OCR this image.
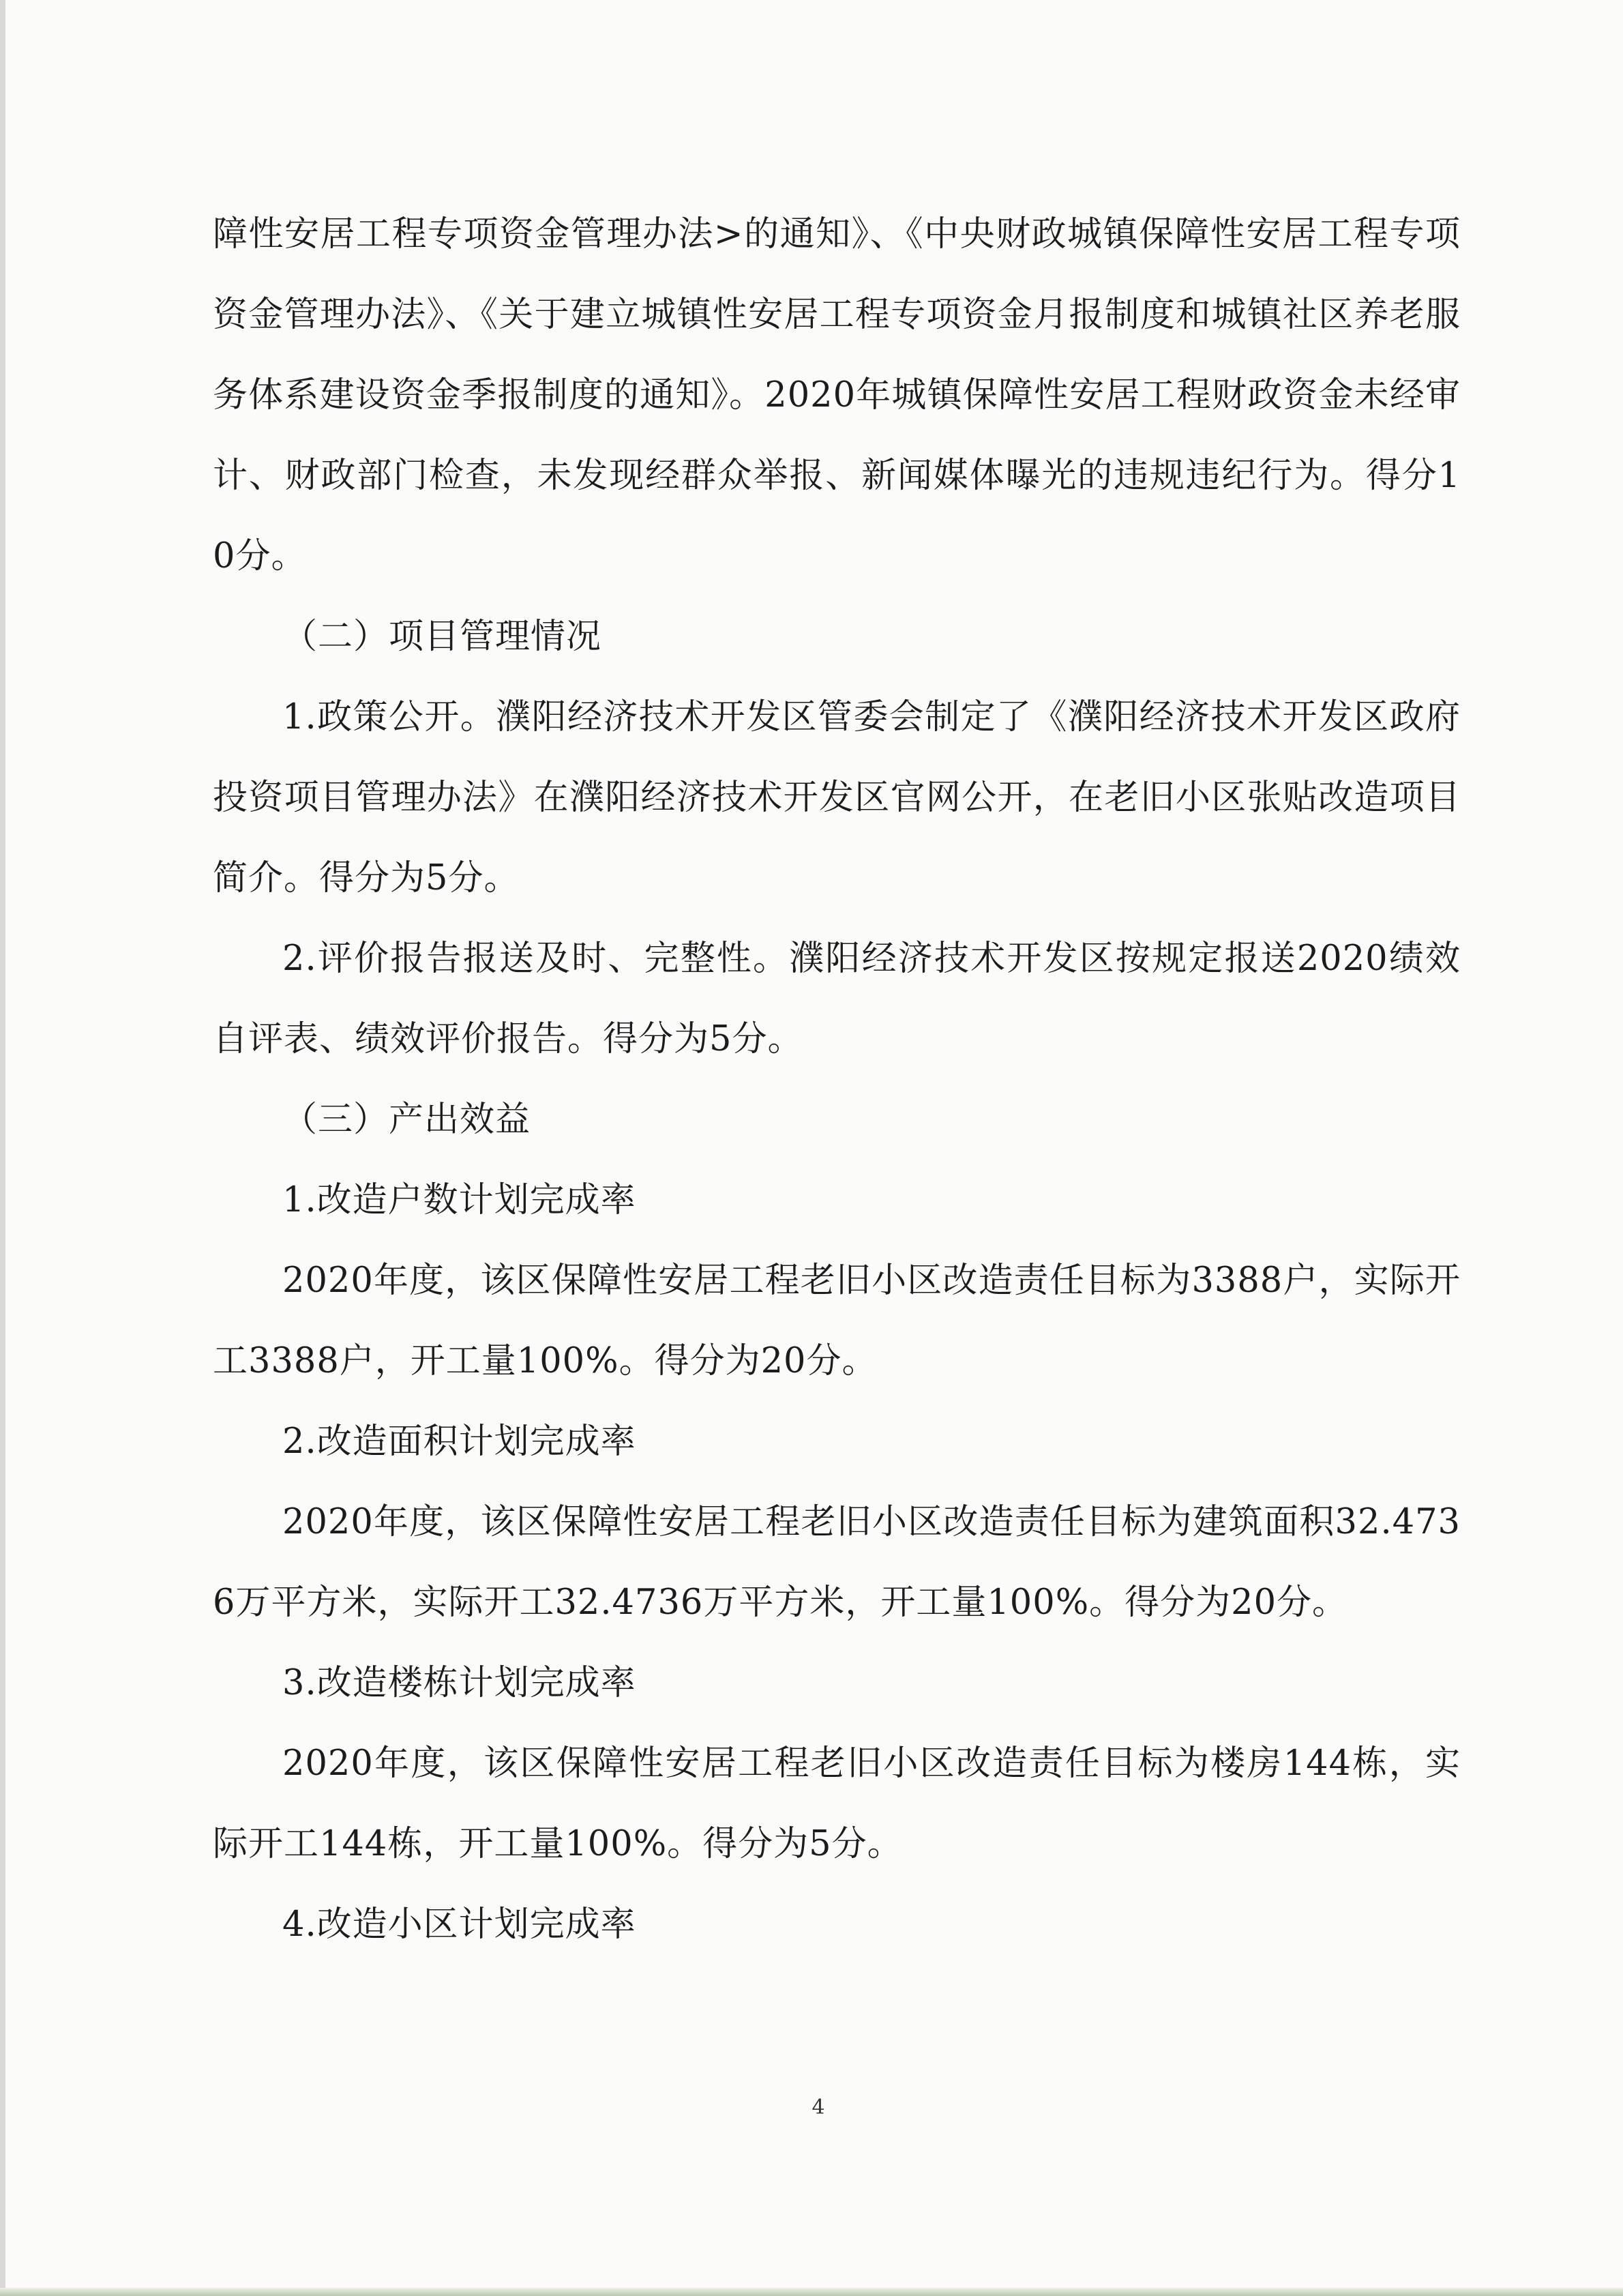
障性安居工程专项资金管理办法>的通知》、《中央财政城镇保障性安居工程专项资金管理办法》、《关于建立城镇性安居工程专项资金月报制度和城镇社区养老服务体系建设资金季报制度的通知》。2020年城镇保障性安居工程财政资金未经审计、财政部门检查，未发现经群众举报、新闻媒体曝光的违规违纪行为。得分10分。

（二）项目管理情况

1.政策公开。濮阳经济技术开发区管委会制定了《濮阳经济技术开发区政府投资项目管理办法》在濮阳经济技术开发区官网公开，在老旧小区张贴改造项目简介。得分为5分。

2.评价报告报送及时、完整性。濮阳经济技术开发区按规定报送2020绩效自评表、绩效评价报告。得分为5分。

（三）产出效益

1.改造户数计划完成率

2020年度，该区保障性安居工程老旧小区改造责任目标为3388户，实际开工3388户，开工量100%。得分为20分。

2.改造面积计划完成率

2020年度，该区保障性安居工程老旧小区改造责任目标为建筑面积32.4736万平方米，实际开工32.4736万平方米，开工量100%。得分为20分。

3.改造楼栋计划完成率

2020年度，该区保障性安居工程老旧小区改造责任目标为楼房144栋，实际开工144栋，开工量100%。得分为5分。

4.改造小区计划完成率

4
